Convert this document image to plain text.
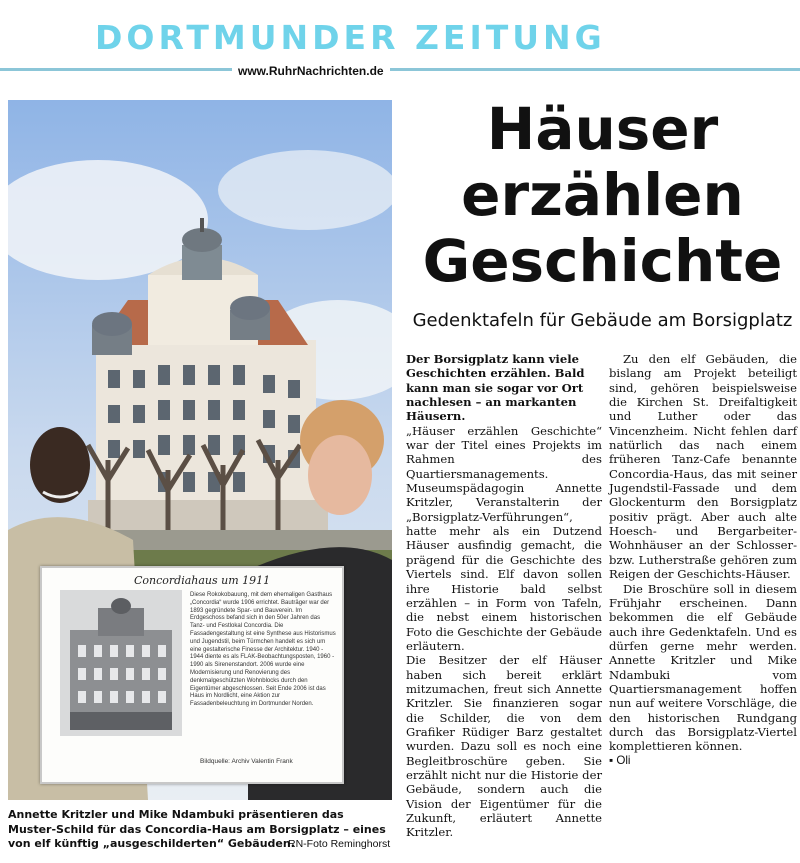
DORTMUNDER ZEITUNG
www.RuhrNachrichten.de
Häuser
erzählen
Geschichte
Gedenktafeln für Gebäude am Borsigplatz
Concordiahaus um 1911
Diese Rokokobauung, mit dem ehemaligen Gasthaus „Concordia“ wurde 1906 errichtet. Bauträger war der 1893 gegründete Spar- und Bauverein. Im Erdgeschoss befand sich in den 50er Jahren das Tanz- und Festlokal Concordia. Die Fassadengestaltung ist eine Synthese aus Historismus und Jugendstil, beim Türmchen handelt es sich um eine gestalterische Finesse der Architektur. 1940 - 1944 diente es als FLAK-Beobachtungsposten, 1960 - 1990 als Sirenenstandort. 2006 wurde eine Modernisierung und Renovierung des denkmalgeschützten Wohnblocks durch den Eigentümer abgeschlossen. Seit Ende 2006 ist das Haus im Nordlicht, eine Aktion zur Fassadenbeleuchtung im Dortmunder Norden.
Bildquelle: Archiv Valentin Frank
Annette Kritzler und Mike Ndambuki präsentieren das Muster-Schild für das Concordia-Haus am Borsigplatz – eines von elf künftig „ausgeschilderten“ Gebäuden.
RN-Foto Reminghorst

Der Borsigplatz kann viele Geschichten erzählen. Bald kann man sie sogar vor Ort nachlesen – an markanten Häusern.

„Häuser erzählen Geschichte“ war der Titel eines Projekts im Rahmen des Quartiersmanagements. Museumspädagogin Annette Kritzler, Veranstalterin der „Borsigplatz-Verführungen“, hatte mehr als ein Dutzend Häuser ausfindig gemacht, die prägend für die Geschichte des Viertels sind. Elf davon sollen ihre Historie bald selbst erzählen – in Form von Tafeln, die nebst einem historischen Foto die Geschichte der Gebäude erläutern.

Die Besitzer der elf Häuser haben sich bereit erklärt mitzumachen, freut sich Annette Kritzler. Sie finanzieren sogar die Schilder, die von dem Grafiker Rüdiger Barz gestaltet wurden. Dazu soll es noch eine Begleitbroschüre geben. Sie erzählt nicht nur die Historie der Gebäude, sondern auch die Vision der Eigentümer für die Zukunft, erläutert Annette Kritzler.

Zu den elf Gebäuden, die bislang am Projekt beteiligt sind, gehören beispielsweise die Kirchen St. Dreifaltigkeit und Luther oder das Vincenzheim. Nicht fehlen darf natürlich das nach einem früheren Tanz-Cafe benannte Concordia-Haus, das mit seiner Jugendstil-Fassade und dem Glockenturm den Borsigplatz positiv prägt. Aber auch alte Hoesch- und Bergarbeiter-Wohnhäuser an der Schlosser- bzw. Lutherstraße gehören zum Reigen der Geschichts-Häuser.

Die Broschüre soll in diesem Frühjahr erscheinen. Dann bekommen die elf Gebäude auch ihre Gedenktafeln. Und es dürfen gerne mehr werden. Annette Kritzler und Mike Ndambuki vom Quartiersmanagement hoffen nun auf weitere Vorschläge, die den historischen Rundgang durch das Borsigplatz-Viertel komplettieren können.

▪ Oli
